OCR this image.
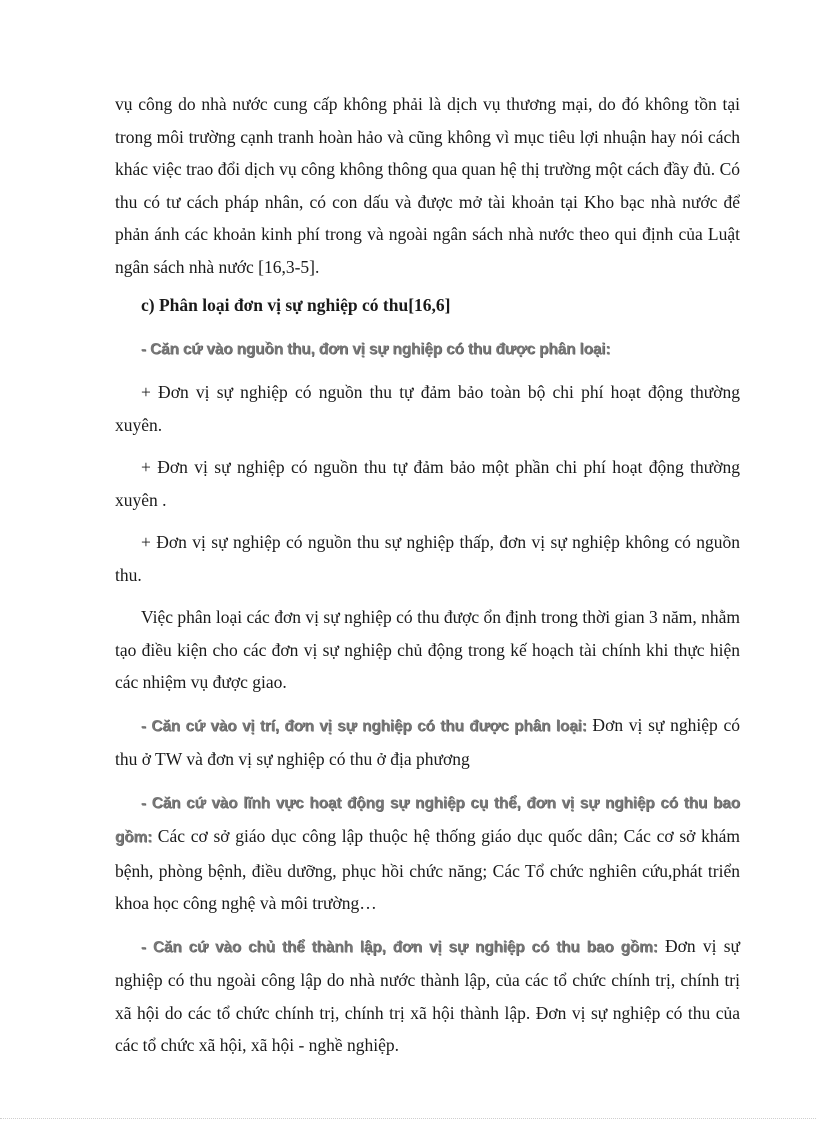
vụ công do nhà nước cung cấp không phải là dịch vụ thương mại, do đó không tồn tại trong môi trường cạnh tranh hoàn hảo và cũng không vì mục tiêu lợi nhuận hay nói cách khác việc trao đổi dịch vụ công không thông qua quan hệ thị trường một cách đầy đủ. Có thu có tư cách pháp nhân, có con dấu và được mở tài khoản tại Kho bạc nhà nước để phản ánh các khoản kinh phí trong và ngoài ngân sách nhà nước theo qui định của Luật ngân sách nhà nước [16,3-5].

c) Phân loại đơn vị sự nghiệp có thu[16,6]

- Căn cứ vào nguồn thu, đơn vị sự nghiệp có thu được phân loại:

+ Đơn vị sự nghiệp có nguồn thu tự đảm bảo toàn bộ chi phí hoạt động thường xuyên.

+ Đơn vị sự nghiệp có nguồn thu tự đảm bảo một phần chi phí hoạt động thường xuyên .

+ Đơn vị sự nghiệp có nguồn thu sự nghiệp thấp, đơn vị sự nghiệp không có nguồn thu.

Việc phân loại các đơn vị sự nghiệp có thu được ổn định trong thời gian 3 năm, nhằm tạo điều kiện cho các đơn vị sự nghiệp chủ động trong kế hoạch tài chính khi thực hiện các nhiệm vụ được giao.

- Căn cứ vào vị trí, đơn vị sự nghiệp có thu được phân loại: Đơn vị sự nghiệp có thu ở TW và đơn vị sự nghiệp có thu ở địa phương

- Căn cứ vào lĩnh vực hoạt động sự nghiệp cụ thể, đơn vị sự nghiệp có thu bao gồm: Các cơ sở giáo dục công lập thuộc hệ thống giáo dục quốc dân; Các cơ sở khám bệnh, phòng bệnh, điều dưỡng, phục hồi chức năng; Các Tổ chức nghiên cứu,phát triển khoa học công nghệ và môi trường…

- Căn cứ vào chủ thể thành lập, đơn vị sự nghiệp có thu bao gồm: Đơn vị sự nghiệp có thu ngoài công lập do nhà nước thành lập, của các tổ chức chính trị, chính trị xã hội do các tổ chức chính trị, chính trị xã hội thành lập. Đơn vị sự nghiệp có thu của các tổ chức xã hội, xã hội - nghề nghiệp.
